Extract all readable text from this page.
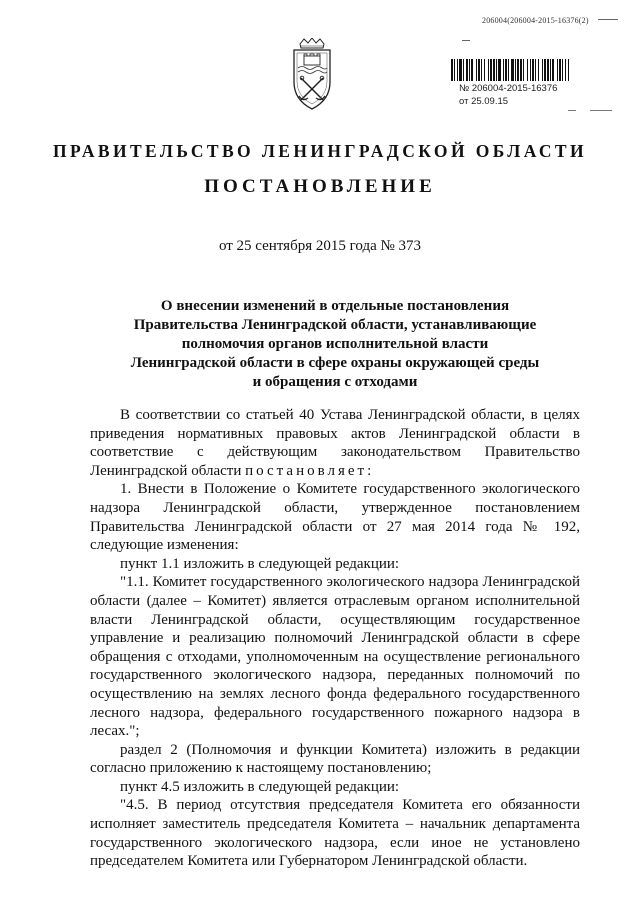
206004(206004-2015-16376(2)
№ 206004-2015-16376
от 25.09.15
ПРАВИТЕЛЬСТВО ЛЕНИНГРАДСКОЙ ОБЛАСТИ
ПОСТАНОВЛЕНИЕ
от 25 сентября 2015 года № 373
О внесении изменений в отдельные постановления
Правительства Ленинградской области, устанавливающие
полномочия органов исполнительной власти
Ленинградской области в сфере охраны окружающей среды
и обращения с отходами

В соответствии со статьей 40 Устава Ленинградской области, в целях приведения нормативных правовых актов Ленинградской области в соответствие с действующим законодательством Правительство Ленинградской области постановляет:

1. Внести в Положение о Комитете государственного экологического надзора Ленинградской области, утвержденное постановлением Правительства Ленинградской области от 27 мая 2014 года № 192, следующие изменения:

пункт 1.1 изложить в следующей редакции:

"1.1. Комитет государственного экологического надзора Ленинградской области (далее – Комитет) является отраслевым органом исполнительной власти Ленинградской области, осуществляющим государственное управление и реализацию полномочий Ленинградской области в сфере обращения с отходами, уполномоченным на осуществление регионального государственного экологического надзора, переданных полномочий по осуществлению на землях лесного фонда федерального государственного лесного надзора, федерального государственного пожарного надзора в лесах.";

раздел 2 (Полномочия и функции Комитета) изложить в редакции согласно приложению к настоящему постановлению;

пункт 4.5 изложить в следующей редакции:

"4.5. В период отсутствия председателя Комитета его обязанности исполняет заместитель председателя Комитета – начальник департамента государственного экологического надзора, если иное не установлено председателем Комитета или Губернатором Ленинградской области.
